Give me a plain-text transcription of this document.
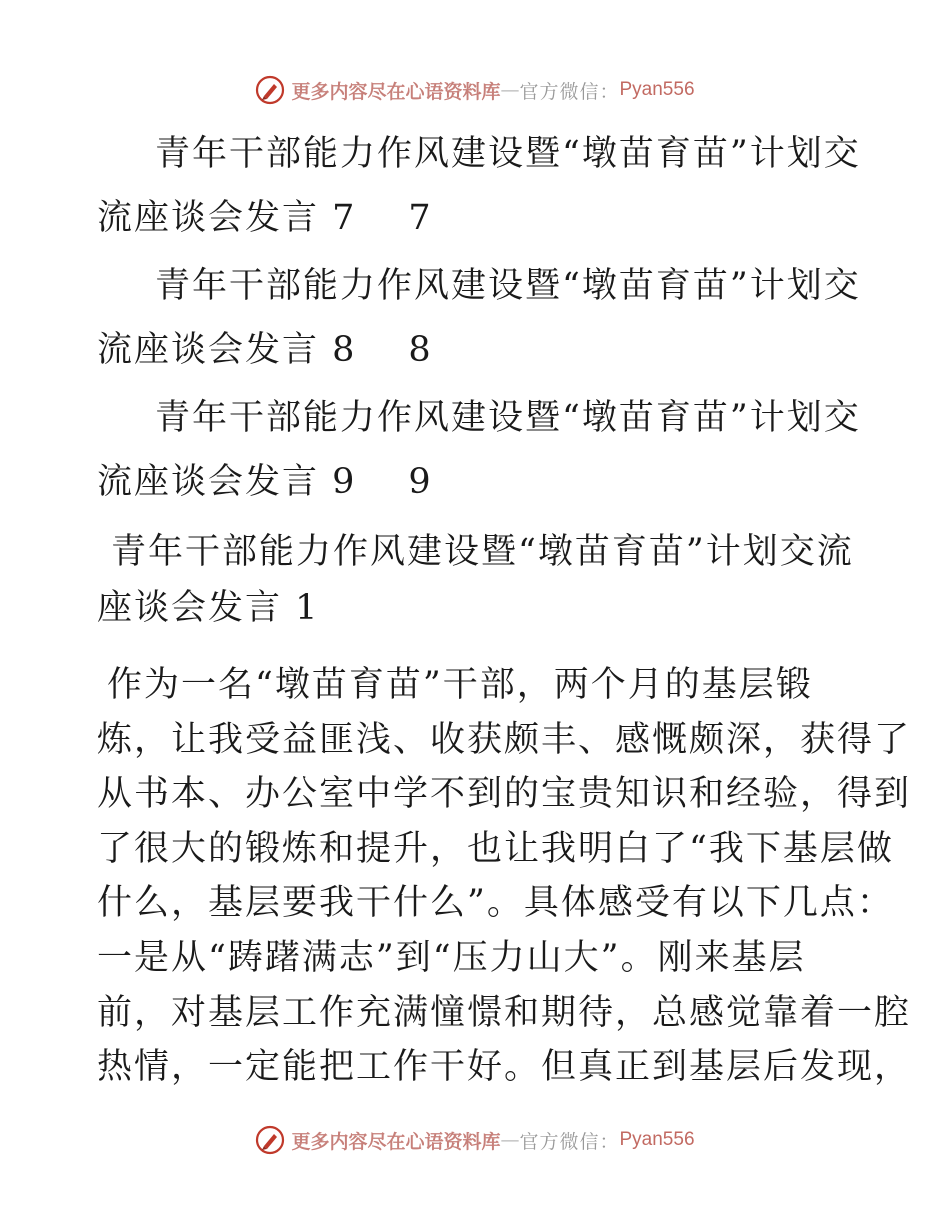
更多内容尽在心语资料库 — 官方微信： Pyan556
青年干部能力作风建设暨“墩苗育苗”计划交
流座谈会发言 7 7
青年干部能力作风建设暨“墩苗育苗”计划交
流座谈会发言 8 8
青年干部能力作风建设暨“墩苗育苗”计划交
流座谈会发言 9 9
青年干部能力作风建设暨“墩苗育苗”计划交流
座谈会发言 1
作为一名“墩苗育苗”干部，两个月的基层锻
炼，让我受益匪浅、收获颇丰、感慨颇深，获得了
从书本、办公室中学不到的宝贵知识和经验，得到
了很大的锻炼和提升，也让我明白了“我下基层做
什么，基层要我干什么”。具体感受有以下几点：
一是从“踌躇满志”到“压力山大”。刚来基层
前，对基层工作充满憧憬和期待，总感觉靠着一腔
热情，一定能把工作干好。但真正到基层后发现，
更多内容尽在心语资料库 — 官方微信： Pyan556
